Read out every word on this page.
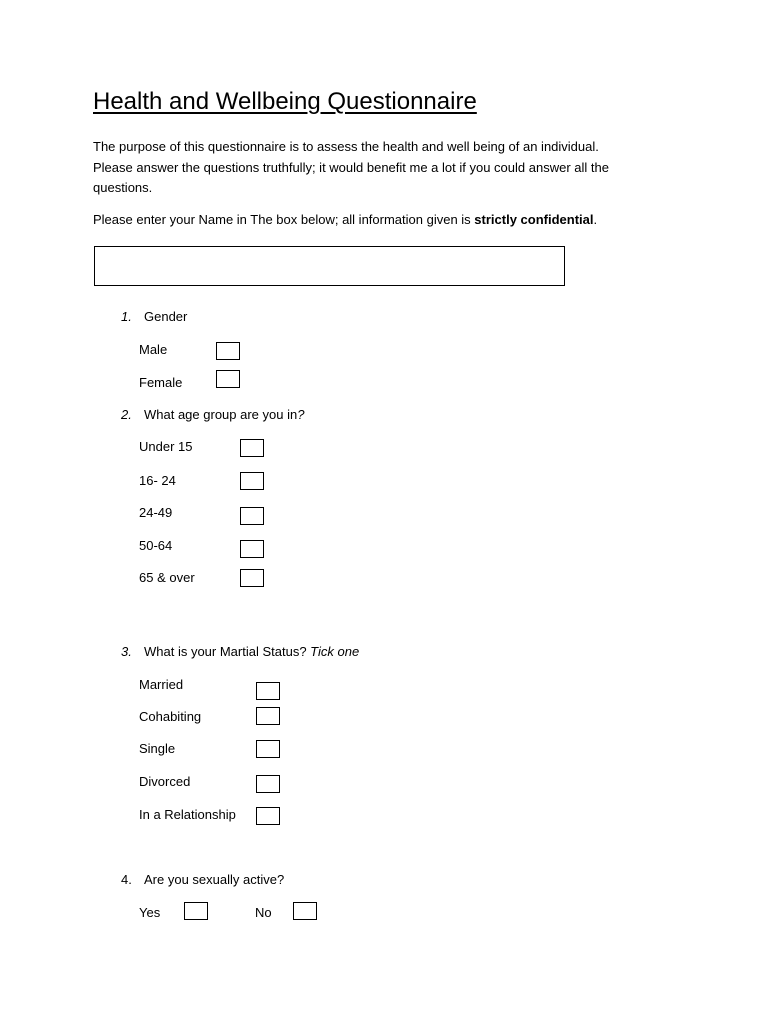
Health and Wellbeing Questionnaire
The purpose of this questionnaire is to assess the health and well being of an individual.
Please answer the questions truthfully; it would benefit me a lot if you could answer all the
questions.
Please enter your Name in The box below; all information given is strictly confidential.
1. Gender
Male
Female
2. What age group are you in?
Under 15
16- 24
24-49
50-64
65 & over
3. What is your Martial Status? Tick one
Married
Cohabiting
Single
Divorced
In a Relationship
4. Are you sexually active?
Yes	No
